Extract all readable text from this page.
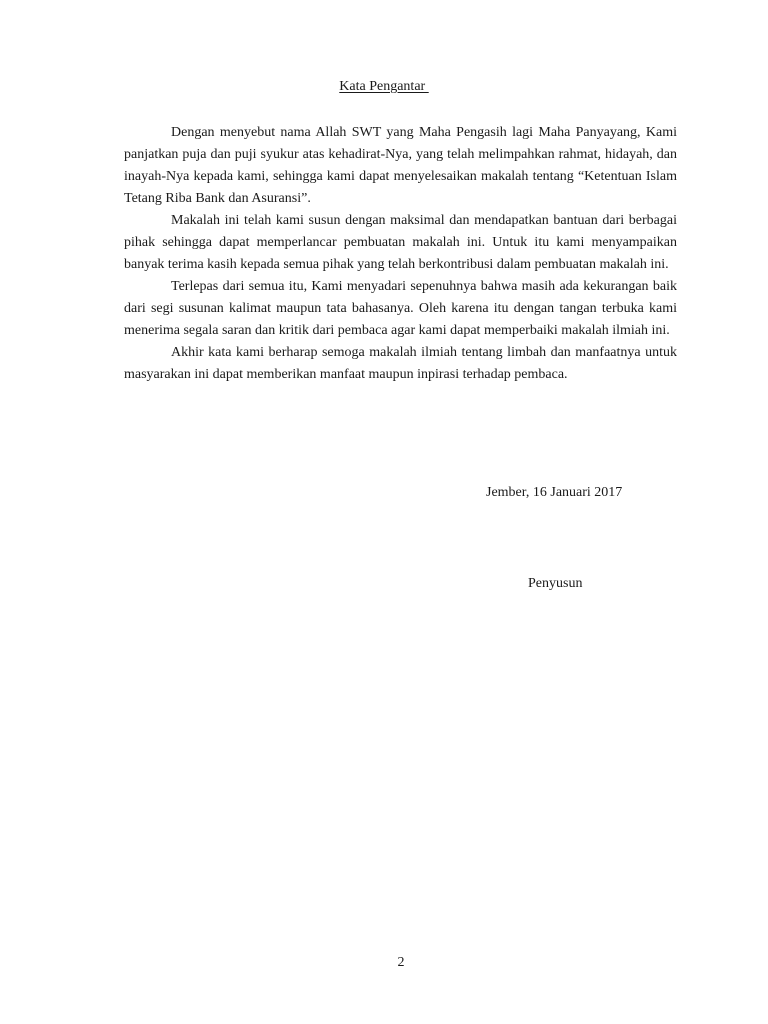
Kata Pengantar

Dengan menyebut nama Allah SWT yang Maha Pengasih lagi Maha Panyayang, Kami panjatkan puja dan puji syukur atas kehadirat-Nya, yang telah melimpahkan rahmat, hidayah, dan inayah-Nya kepada kami, sehingga kami dapat menyelesaikan makalah tentang “Ketentuan Islam Tetang Riba Bank dan Asuransi”.

Makalah ini telah kami susun dengan maksimal dan mendapatkan bantuan dari berbagai pihak sehingga dapat memperlancar pembuatan makalah ini. Untuk itu kami menyampaikan banyak terima kasih kepada semua pihak yang telah berkontribusi dalam pembuatan makalah ini.

Terlepas dari semua itu, Kami menyadari sepenuhnya bahwa masih ada kekurangan baik dari segi susunan kalimat maupun tata bahasanya. Oleh karena itu dengan tangan terbuka kami menerima segala saran dan kritik dari pembaca agar kami dapat memperbaiki makalah ilmiah ini.

Akhir kata kami berharap semoga makalah ilmiah tentang limbah dan manfaatnya untuk masyarakan ini dapat memberikan manfaat maupun inpirasi terhadap pembaca.

Jember, 16 Januari 2017
Penyusun
2
